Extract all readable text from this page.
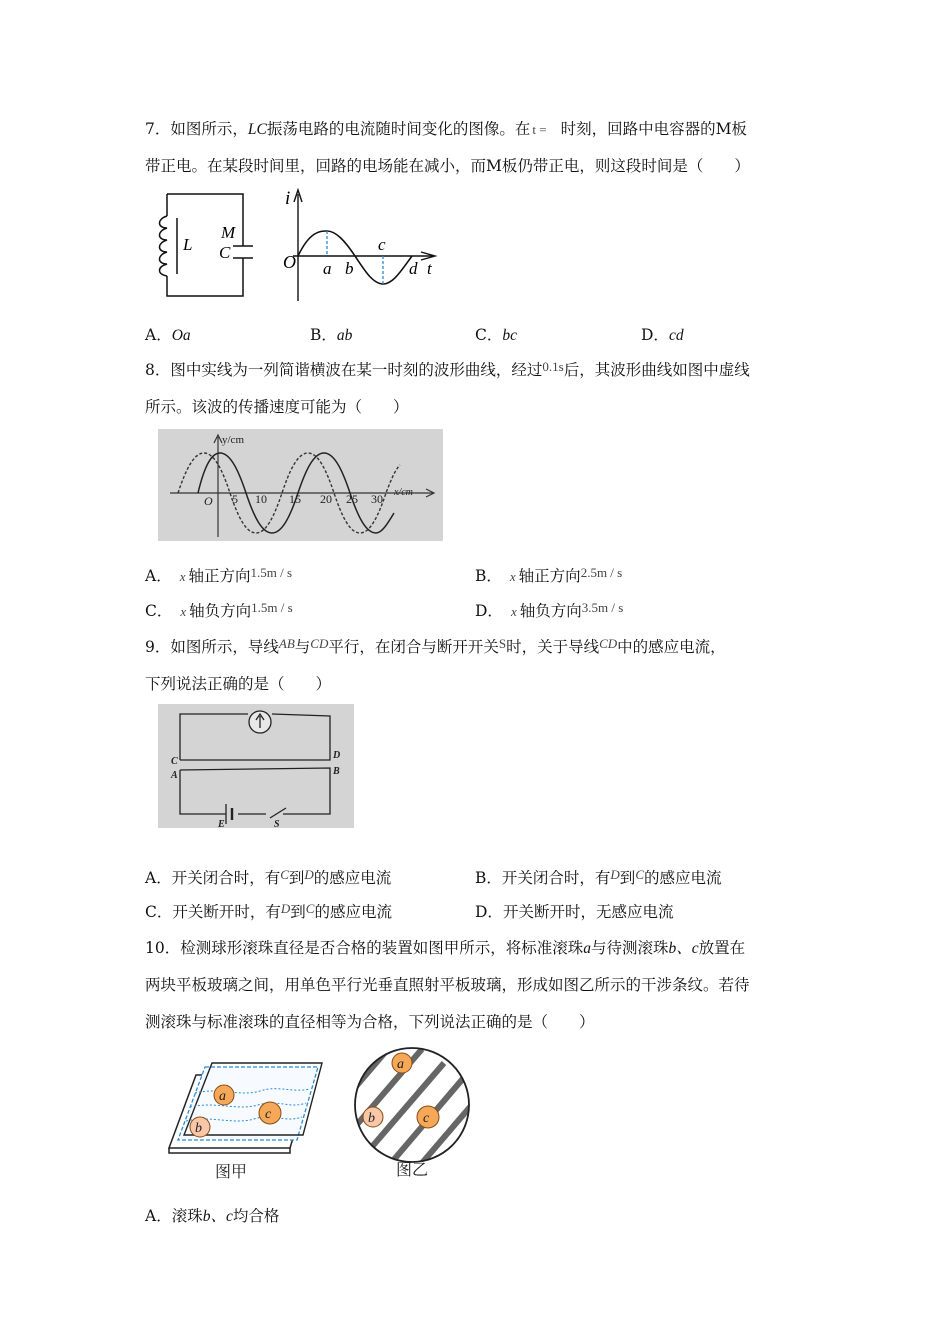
7．如图所示，LC振荡电路的电流随时间变化的图像。在 t = 时刻，回路中电容器的M板
带正电。在某段时间里，回路的电场能在减小，而M板仍带正电，则这段时间是（　　）
L
M
C
i
O a b
c
d t
A．Oa	B．ab	C．bc	D．cd
8．图中实线为一列简谐横波在某一时刻的波形曲线，经过$^{0.1s}$后，其波形曲线如图中虚线
所示。该波的传播速度可能为（　　）
y/cm
x/cm
O 5 10 15 20 25 30
A． x 轴正方向$^{1.5m / s}$	B． x 轴正方向$^{2.5m / s}$
C． x 轴负方向$^{1.5m / s}$	D． x 轴负方向$^{3.5m / s}$
9．如图所示，导线$^{AB}$与$^{CD}$平行，在闭合与断开开关$^S$时，关于导线$^{CD}$中的感应电流，
下列说法正确的是（　　）
C
A
D
B
E	S
A．开关闭合时，有$^C$到$^D$的感应电流	B．开关闭合时，有$^D$到$^C$的感应电流
C．开关断开时，有$^D$到$^C$的感应电流	D．开关断开时，无感应电流
10．检测球形滚珠直径是否合格的装置如图甲所示，将标准滚珠a与待测滚珠b、c放置在
两块平板玻璃之间，用单色平行光垂直照射平板玻璃，形成如图乙所示的干涉条纹。若待
测滚珠与标准滚珠的直径相等为合格，下列说法正确的是（　　）
a
b
c
图甲
a
b	c
图乙
A．滚珠b、c均合格
